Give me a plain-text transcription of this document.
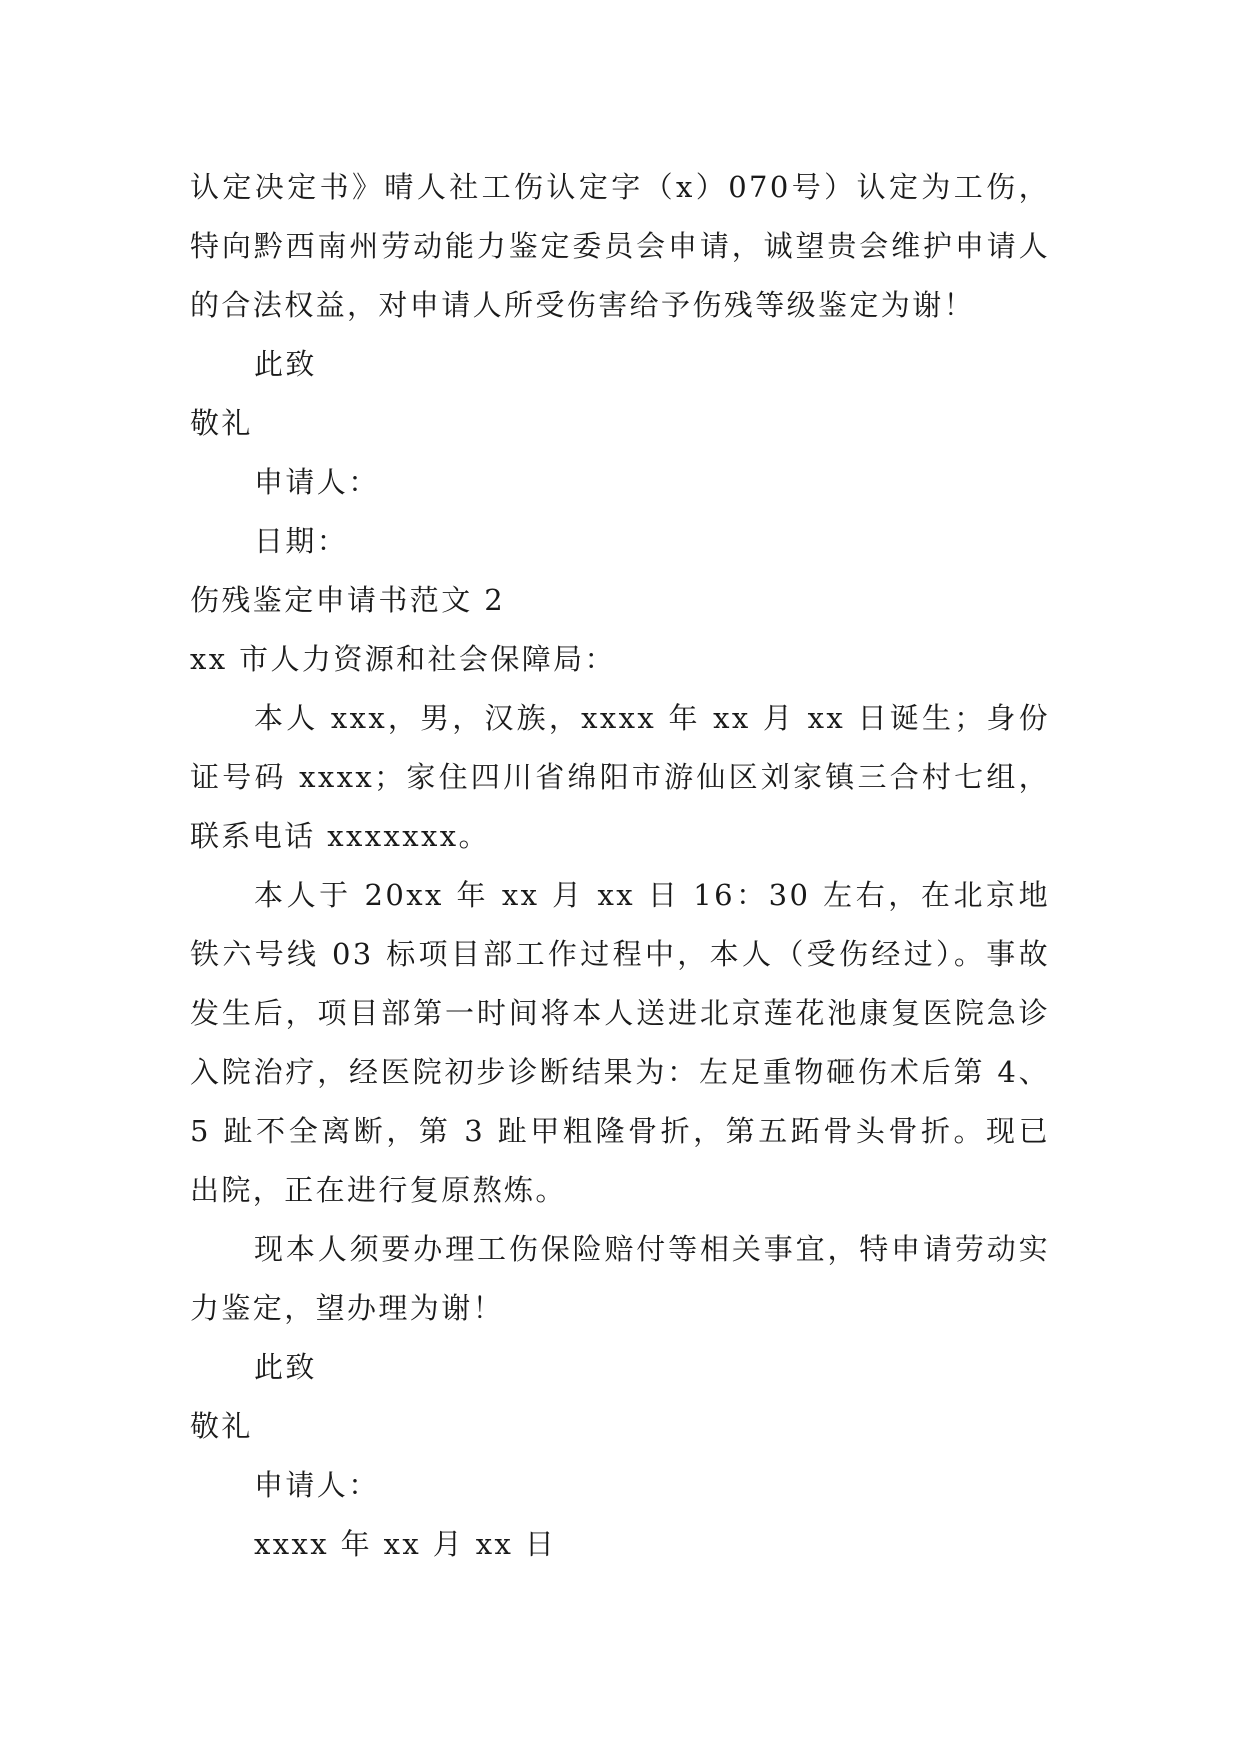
认定决定书》晴人社工伤认定字（x）070号）认定为工伤，特向黔西南州劳动能力鉴定委员会申请，诚望贵会维护申请人的合法权益，对申请人所受伤害给予伤残等级鉴定为谢！

此致

敬礼

申请人：

日期：

伤残鉴定申请书范文 2

xx 市人力资源和社会保障局：

本人 xxx，男，汉族，xxxx 年 xx 月 xx 日诞生；身份证号码 xxxx；家住四川省绵阳市游仙区刘家镇三合村七组，联系电话 xxxxxxx。

本人于 20xx 年 xx 月 xx 日 16：30 左右，在北京地铁六号线 03 标项目部工作过程中，本人（受伤经过）。事故发生后，项目部第一时间将本人送进北京莲花池康复医院急诊入院治疗，经医院初步诊断结果为：左足重物砸伤术后第 4、5 趾不全离断，第 3 趾甲粗隆骨折，第五跖骨头骨折。现已出院，正在进行复原熬炼。

现本人须要办理工伤保险赔付等相关事宜，特申请劳动实力鉴定，望办理为谢！

此致

敬礼

申请人：

xxxx 年 xx 月 xx 日
